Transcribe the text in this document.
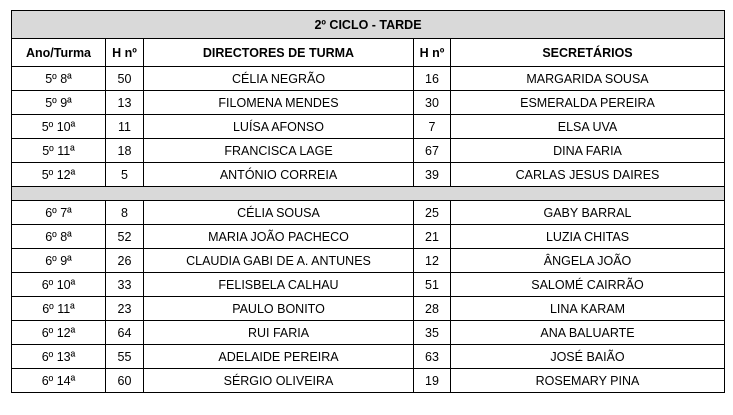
2º CICLO - TARDE				
Ano/Turma	H nº	DIRECTORES DE TURMA	H nº	SECRETÁRIOS
5º 8ª	50	CÉLIA NEGRÃO	16	MARGARIDA SOUSA
5º 9ª	13	FILOMENA MENDES	30	ESMERALDA PEREIRA
5º 10ª	11	LUÍSA AFONSO	7	ELSA UVA
5º 11ª	18	FRANCISCA LAGE	67	DINA FARIA
5º 12ª	5	ANTÓNIO CORREIA	39	CARLAS JESUS DAIRES

6º 7ª	8	CÉLIA SOUSA	25	GABY BARRAL
6º 8ª	52	MARIA JOÃO PACHECO	21	LUZIA CHITAS
6º 9ª	26	CLAUDIA GABI DE A. ANTUNES	12	ÂNGELA JOÃO
6º 10ª	33	FELISBELA CALHAU	51	SALOMÉ CAIRRÃO
6º 11ª	23	PAULO BONITO	28	LINA KARAM
6º 12ª	64	RUI FARIA	35	ANA BALUARTE
6º 13ª	55	ADELAIDE PEREIRA	63	JOSÉ BAIÃO
6º 14ª	60	SÉRGIO OLIVEIRA	19	ROSEMARY PINA
